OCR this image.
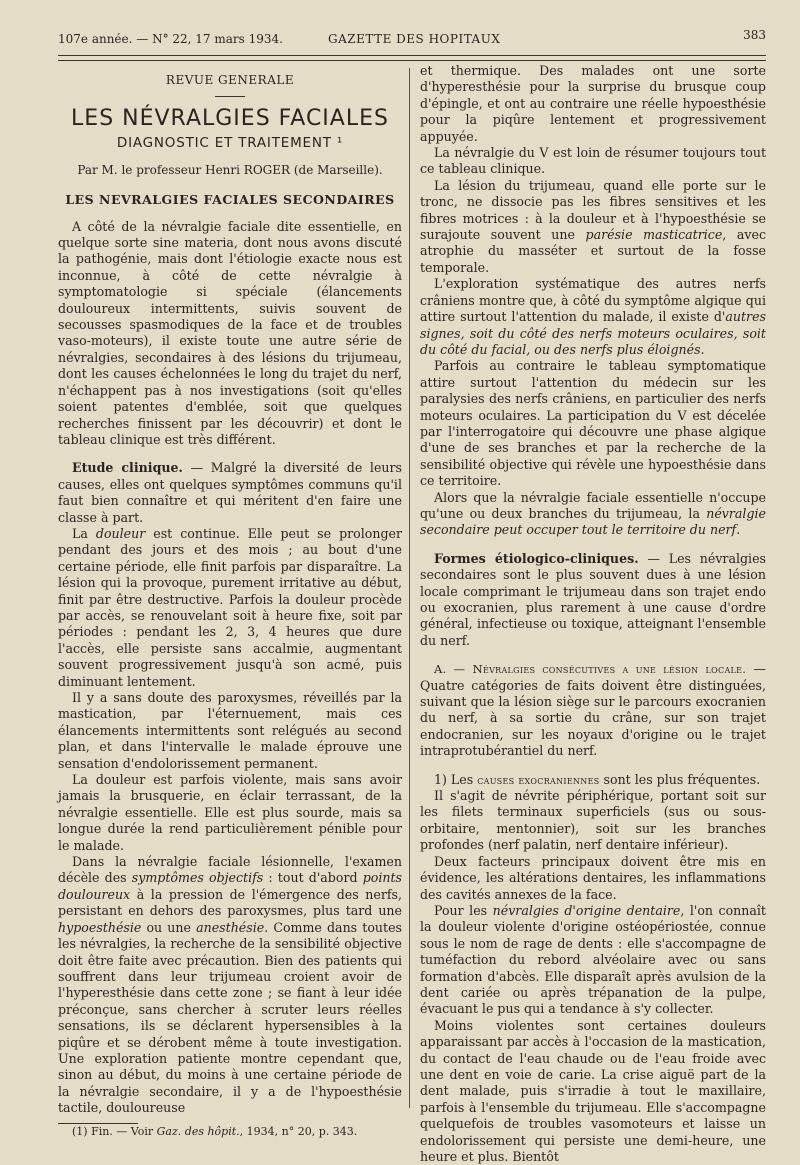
107e année. — N° 22, 17 mars 1934.	GAZETTE DES HOPITAUX	383
REVUE GENERALE
LES NÉVRALGIES FACIALES
DIAGNOSTIC ET TRAITEMENT ¹
Par M. le professeur Henri ROGER (de Marseille).
LES NEVRALGIES FACIALES SECONDAIRES

A côté de la névralgie faciale dite essentielle, en quelque sorte sine materia, dont nous avons discuté la pathogénie, mais dont l'étiologie exacte nous est inconnue, à côté de cette névralgie à symptomatologie si spéciale (élancements douloureux intermittents, suivis souvent de secousses spasmodiques de la face et de troubles vaso-moteurs), il existe toute une autre série de névralgies, secondaires à des lésions du trijumeau, dont les causes échelonnées le long du trajet du nerf, n'échappent pas à nos investigations (soit qu'elles soient patentes d'emblée, soit que quelques recherches finissent par les découvrir) et dont le tableau clinique est très différent.

Etude clinique. — Malgré la diversité de leurs causes, elles ont quelques symptômes communs qu'il faut bien connaître et qui méritent d'en faire une classe à part.

La douleur est continue. Elle peut se prolonger pendant des jours et des mois ; au bout d'une certaine période, elle finit parfois par disparaître. La lésion qui la provoque, purement irritative au début, finit par être destructive. Parfois la douleur procède par accès, se renouvelant soit à heure fixe, soit par périodes : pendant les 2, 3, 4 heures que dure l'accès, elle persiste sans accalmie, augmentant souvent progressivement jusqu'à son acmé, puis diminuant lentement.

Il y a sans doute des paroxysmes, réveillés par la mastication, par l'éternuement, mais ces élancements intermittents sont relégués au second plan, et dans l'intervalle le malade éprouve une sensation d'endolorissement permanent.

La douleur est parfois violente, mais sans avoir jamais la brusquerie, en éclair terrassant, de la névralgie essentielle. Elle est plus sourde, mais sa longue durée la rend particulièrement pénible pour le malade.

Dans la névralgie faciale lésionnelle, l'examen décèle des symptômes objectifs : tout d'abord points douloureux à la pression de l'émergence des nerfs, persistant en dehors des paroxysmes, plus tard une hypoesthésie ou une anesthésie. Comme dans toutes les névralgies, la recherche de la sensibilité objective doit être faite avec précaution. Bien des patients qui souffrent dans leur trijumeau croient avoir de l'hyperesthésie dans cette zone ; se fiant à leur idée préconçue, sans chercher à scruter leurs réelles sensations, ils se déclarent hypersensibles à la piqûre et se dérobent même à toute investigation. Une exploration patiente montre cependant que, sinon au début, du moins à une certaine période de la névralgie secondaire, il y a de l'hypoesthésie tactile, douloureuse

(1) Fin. — Voir Gaz. des hôpit., 1934, n° 20, p. 343.

et thermique. Des malades ont une sorte d'hyperesthésie pour la surprise du brusque coup d'épingle, et ont au contraire une réelle hypoesthésie pour la piqûre lentement et progressivement appuyée.

La névralgie du V est loin de résumer toujours tout ce tableau clinique.

La lésion du trijumeau, quand elle porte sur le tronc, ne dissocie pas les fibres sensitives et les fibres motrices : à la douleur et à l'hypoesthésie se surajoute souvent une parésie masticatrice, avec atrophie du masséter et surtout de la fosse temporale.

L'exploration systématique des autres nerfs crâniens montre que, à côté du symptôme algique qui attire surtout l'attention du malade, il existe d'autres signes, soit du côté des nerfs moteurs oculaires, soit du côté du facial, ou des nerfs plus éloignés.

Parfois au contraire le tableau symptomatique attire surtout l'attention du médecin sur les paralysies des nerfs crâniens, en particulier des nerfs moteurs oculaires. La participation du V est décelée par l'interrogatoire qui découvre une phase algique d'une de ses branches et par la recherche de la sensibilité objective qui révèle une hypoesthésie dans ce territoire.

Alors que la névralgie faciale essentielle n'occupe qu'une ou deux branches du trijumeau, la névralgie secondaire peut occuper tout le territoire du nerf.

Formes étiologico-cliniques. — Les névralgies secondaires sont le plus souvent dues à une lésion locale comprimant le trijumeau dans son trajet endo ou exocranien, plus rarement à une cause d'ordre général, infectieuse ou toxique, atteignant l'ensemble du nerf.

A. — Névralgies consécutives a une lésion locale. — Quatre catégories de faits doivent être distinguées, suivant que la lésion siège sur le parcours exocranien du nerf, à sa sortie du crâne, sur son trajet endocranien, sur les noyaux d'origine ou le trajet intraprotubérantiel du nerf.

1) Les causes exocraniennes sont les plus fréquentes.

Il s'agit de névrite périphérique, portant soit sur les filets terminaux superficiels (sus ou sous-orbitaire, mentonnier), soit sur les branches profondes (nerf palatin, nerf dentaire inférieur).

Deux facteurs principaux doivent être mis en évidence, les altérations dentaires, les inflammations des cavités annexes de la face.

Pour les névralgies d'origine dentaire, l'on connaît la douleur violente d'origine ostéopériostée, connue sous le nom de rage de dents : elle s'accompagne de tuméfaction du rebord alvéolaire avec ou sans formation d'abcès. Elle disparaît après avulsion de la dent cariée ou après trépanation de la pulpe, évacuant le pus qui a tendance à s'y collecter.

Moins violentes sont certaines douleurs apparaissant par accès à l'occasion de la mastication, du contact de l'eau chaude ou de l'eau froide avec une dent en voie de carie. La crise aiguë part de la dent malade, puis s'irradie à tout le maxillaire, parfois à l'ensemble du trijumeau. Elle s'accompagne quelquefois de troubles vasomoteurs et laisse un endolorissement qui persiste une demi-heure, une heure et plus. Bientôt
